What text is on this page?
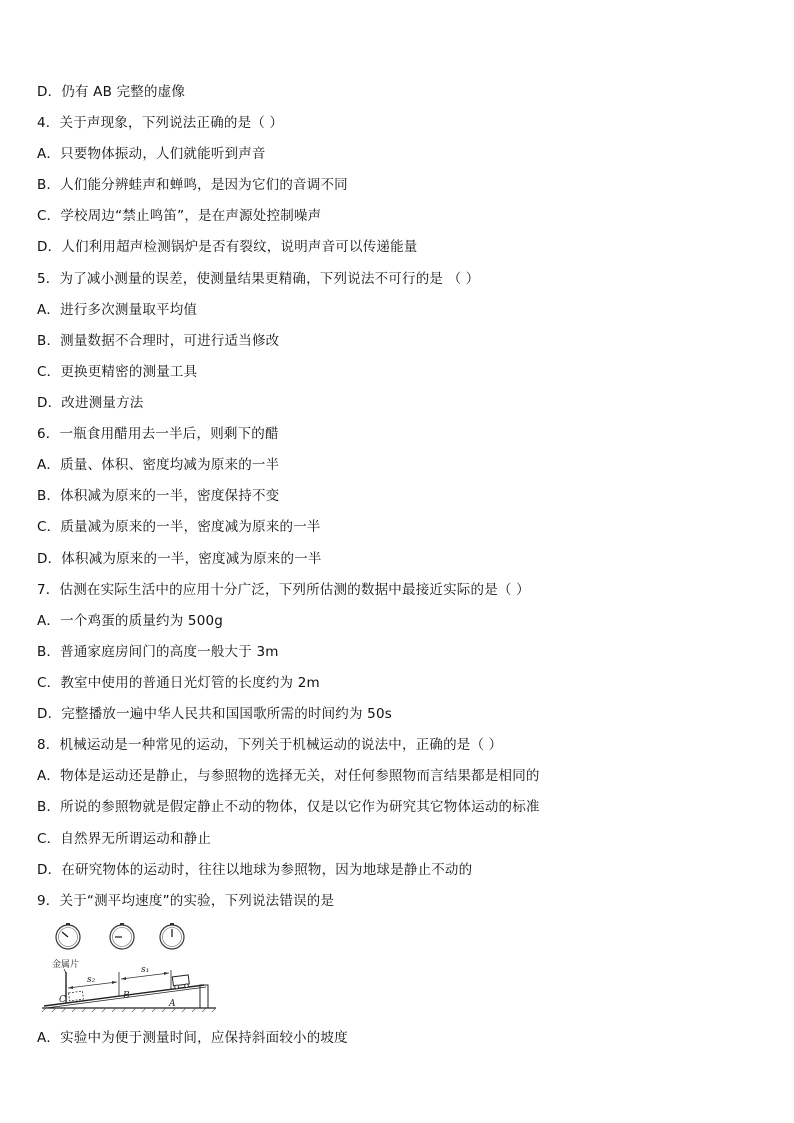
D．仍有 AB 完整的虚像
4．关于声现象，下列说法正确的是（ ）
A．只要物体振动，人们就能听到声音
B．人们能分辨蛙声和蝉鸣，是因为它们的音调不同
C．学校周边“禁止鸣笛”，是在声源处控制噪声
D．人们利用超声检测锅炉是否有裂纹，说明声音可以传递能量
5．为了减小测量的误差，使测量结果更精确，下列说法不可行的是 （ ）
A．进行多次测量取平均值
B．测量数据不合理时，可进行适当修改
C．更换更精密的测量工具
D．改进测量方法
6．一瓶食用醋用去一半后，则剩下的醋
A．质量、体积、密度均减为原来的一半
B．体积减为原来的一半，密度保持不变
C．质量减为原来的一半，密度减为原来的一半
D．体积减为原来的一半，密度减为原来的一半
7．估测在实际生活中的应用十分广泛，下列所估测的数据中最接近实际的是（ ）
A．一个鸡蛋的质量约为 500g
B．普通家庭房间门的高度一般大于 3m
C．教室中使用的普通日光灯管的长度约为 2m
D．完整播放一遍中华人民共和国国歌所需的时间约为 50s
8．机械运动是一种常见的运动，下列关于机械运动的说法中，正确的是（ ）
A．物体是运动还是静止，与参照物的选择无关，对任何参照物而言结果都是相同的
B．所说的参照物就是假定静止不动的物体，仅是以它作为研究其它物体运动的标准
C．自然界无所谓运动和静止
D．在研究物体的运动时，往往以地球为参照物，因为地球是静止不动的
9．关于“测平均速度”的实验，下列说法错误的是
金属片
s₂
s₁
C	B
A
A．实验中为便于测量时间，应保持斜面较小的坡度
